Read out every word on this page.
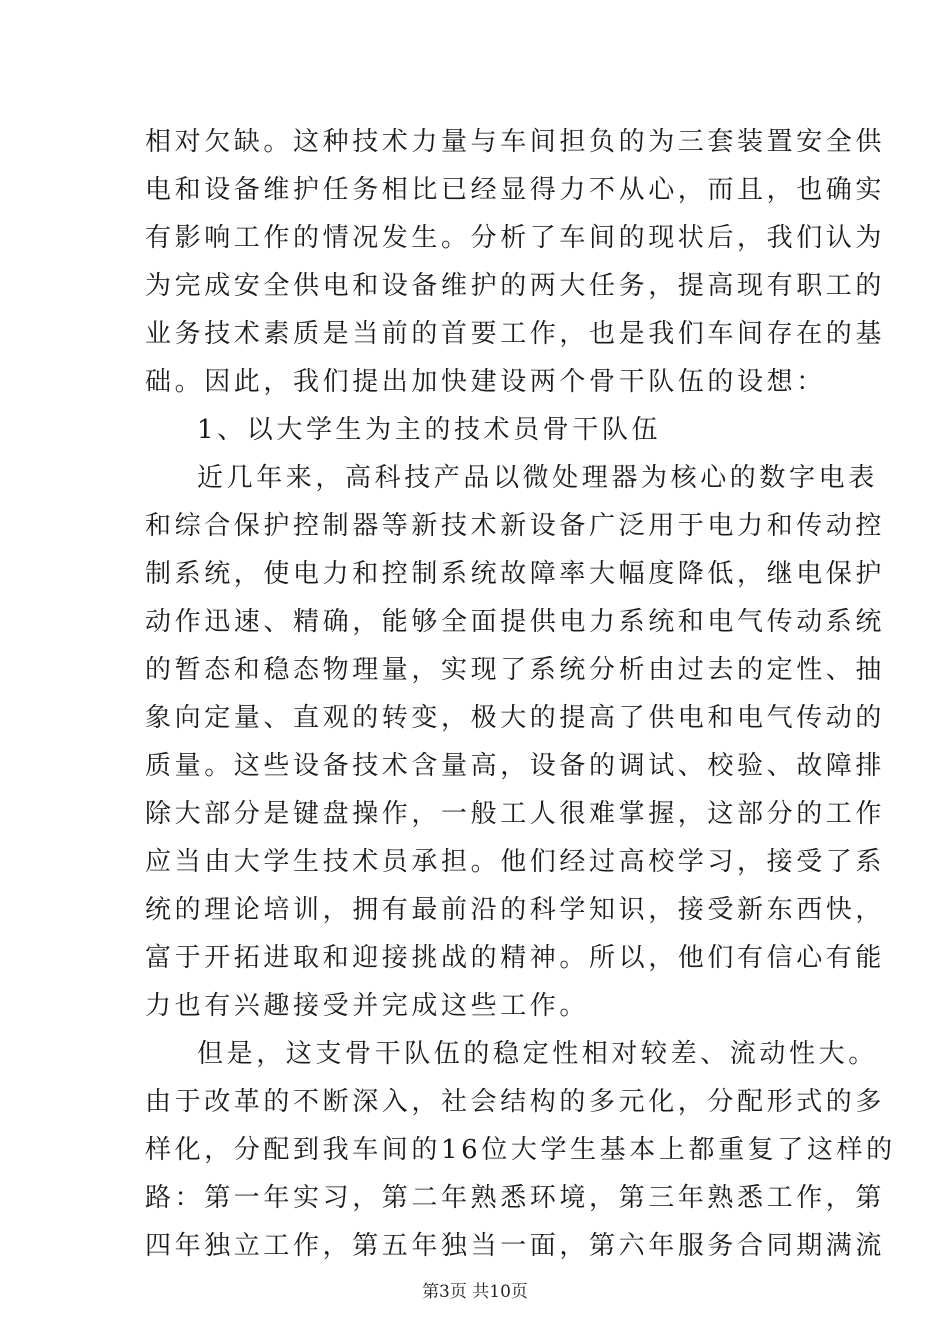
相对欠缺。这种技术力量与车间担负的为三套装置安全供
电和设备维护任务相比已经显得力不从心，而且，也确实
有影响工作的情况发生。分析了车间的现状后，我们认为
为完成安全供电和设备维护的两大任务，提高现有职工的
业务技术素质是当前的首要工作，也是我们车间存在的基
础。因此，我们提出加快建设两个骨干队伍的设想：
1、以大学生为主的技术员骨干队伍
近几年来，高科技产品以微处理器为核心的数字电表
和综合保护控制器等新技术新设备广泛用于电力和传动控
制系统，使电力和控制系统故障率大幅度降低，继电保护
动作迅速、精确，能够全面提供电力系统和电气传动系统
的暂态和稳态物理量，实现了系统分析由过去的定性、抽
象向定量、直观的转变，极大的提高了供电和电气传动的
质量。这些设备技术含量高，设备的调试、校验、故障排
除大部分是键盘操作，一般工人很难掌握，这部分的工作
应当由大学生技术员承担。他们经过高校学习，接受了系
统的理论培训，拥有最前沿的科学知识，接受新东西快，
富于开拓进取和迎接挑战的精神。所以，他们有信心有能
力也有兴趣接受并完成这些工作。
但是，这支骨干队伍的稳定性相对较差、流动性大。
由于改革的不断深入，社会结构的多元化，分配形式的多
样化，分配到我车间的16位大学生基本上都重复了这样的
路：第一年实习，第二年熟悉环境，第三年熟悉工作，第
四年独立工作，第五年独当一面，第六年服务合同期满流
第3页 共10页
